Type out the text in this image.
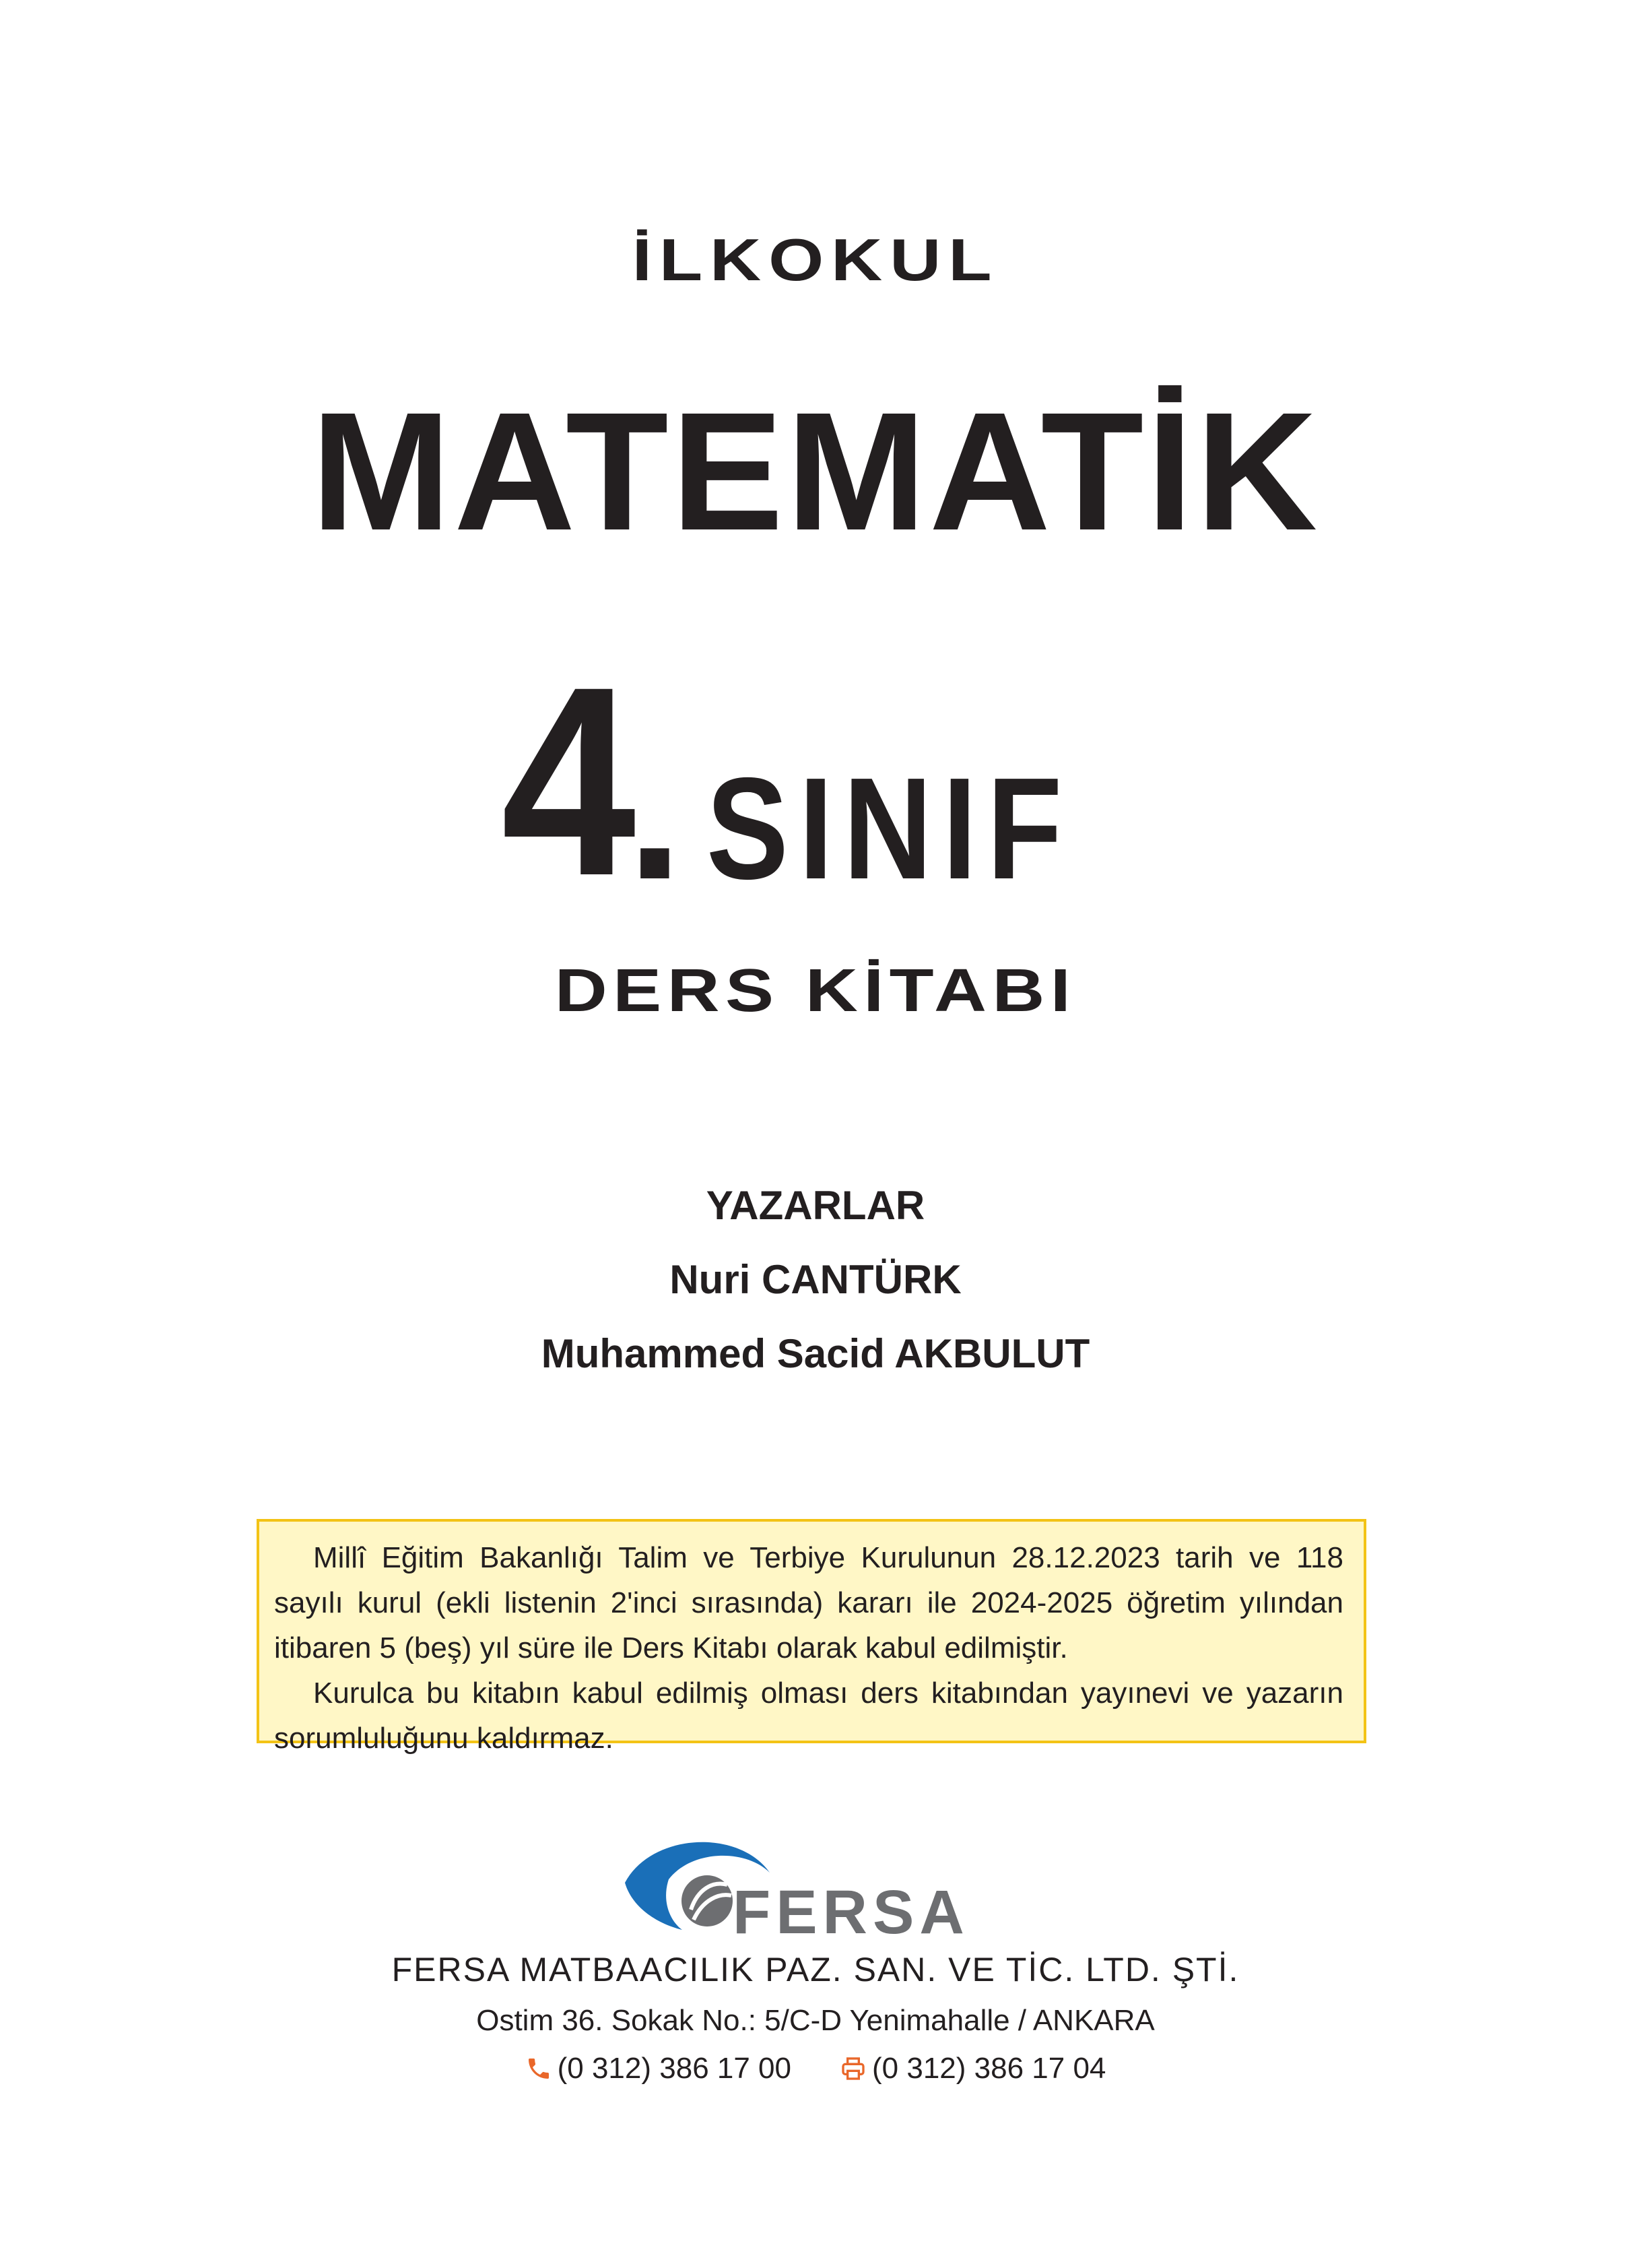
İLKOKUL
MATEMATİK
4
. SINIF
DERS KİTABI
YAZARLAR
Nuri CANTÜRK
Muhammed Sacid AKBULUT

Millî Eğitim Bakanlığı Talim ve Terbiye Kurulunun 28.12.2023 tarih ve 118 sayılı kurul (ekli listenin 2'inci sırasında) kararı ile 2024-2025 öğretim yılından itibaren 5 (beş) yıl süre ile Ders Kitabı olarak kabul edilmiştir.

Kurulca bu kitabın kabul edilmiş olması ders kitabından yayınevi ve yazarın sorumluluğunu kaldırmaz.

FERSA
FERSA MATBAACILIK PAZ. SAN. VE TİC. LTD. ŞTİ.
Ostim 36. Sokak No.: 5/C-D Yenimahalle / ANKARA
(0 312) 386 17 00	(0 312) 386 17 04
